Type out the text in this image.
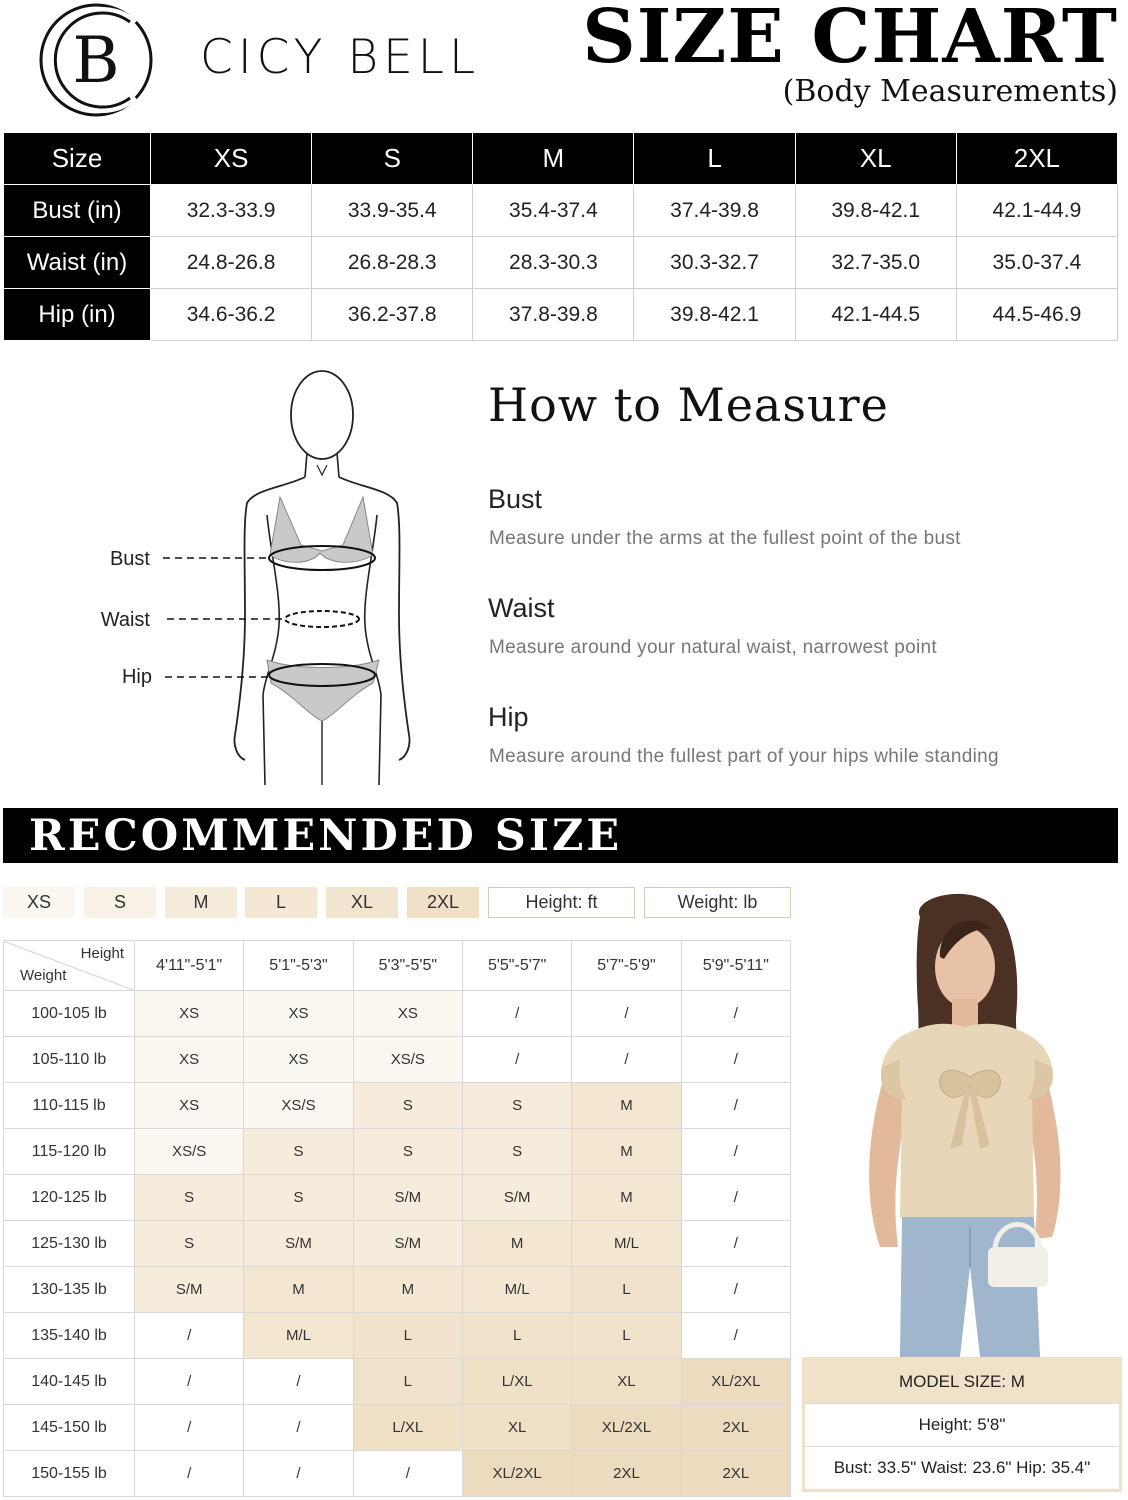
B CICY BELL SIZE CHART
(Body Measurements)
Size	XS	S	M	L	XL	2XL
Bust (in)	32.3-33.9	33.9-35.4	35.4-37.4	37.4-39.8	39.8-42.1	42.1-44.9
Waist (in)	24.8-26.8	26.8-28.3	28.3-30.3	30.3-32.7	32.7-35.0	35.0-37.4
Hip (in)	34.6-36.2	36.2-37.8	37.8-39.8	39.8-42.1	42.1-44.5	44.5-46.9
Bust
Waist
Hip
How to Measure
Bust
Measure under the arms at the fullest point of the bust
Waist
Measure around your natural waist, narrowest point
Hip
Measure around the fullest part of your hips while standing
RECOMMENDED SIZE
XS	S	M	L	XL	2XL	Height: ft	Weight: lb
Height
Weight	4'11"-5'1"	5'1"-5'3"	5'3"-5'5"	5'5"-5'7"	5'7"-5'9"	5'9"-5'11"
100-105 lb	XS	XS	XS	/	/	/
105-110 lb	XS	XS	XS/S	/	/	/
110-115 lb	XS	XS/S	S	S	M	/
115-120 lb	XS/S	S	S	S	M	/
120-125 lb	S	S	S/M	S/M	M	/
125-130 lb	S	S/M	S/M	M	M/L	/
130-135 lb	S/M	M	M	M/L	L	/
135-140 lb	/	M/L	L	L	L	/
140-145 lb	/	/	L	L/XL	XL	XL/2XL
145-150 lb	/	/	L/XL	XL	XL/2XL	2XL
150-155 lb	/	/	/	XL/2XL	2XL	2XL
MODEL SIZE: M
Height: 5'8"
Bust: 33.5" Waist: 23.6" Hip: 35.4"
